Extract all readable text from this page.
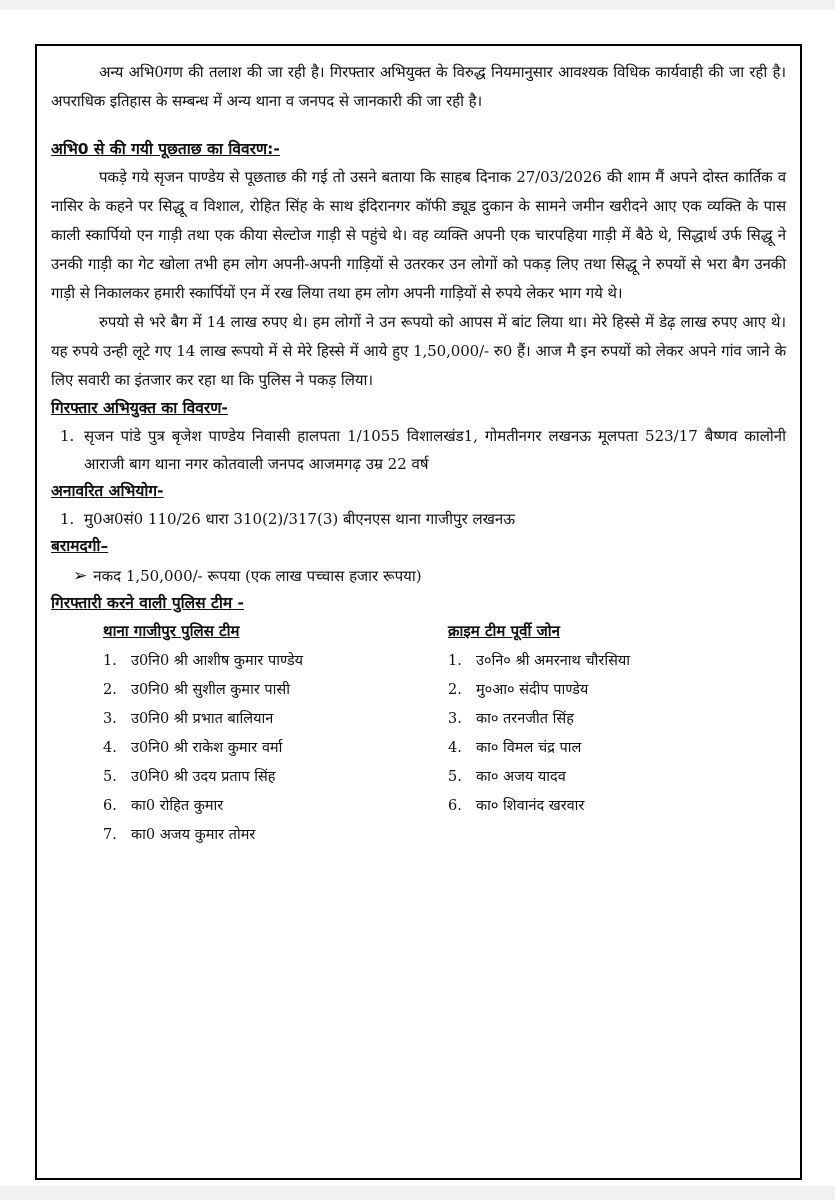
अन्य अभि0गण की तलाश की जा रही है। गिरफ्तार अभियुक्त के विरुद्ध नियमानुसार आवश्यक विधिक कार्यवाही की जा रही है। अपराधिक इतिहास के सम्बन्ध में अन्य थाना व जनपद से जानकारी की जा रही है।

अभि0 से की गयी पूछताछ का विवरण:-

पकड़े गये सृजन पाण्डेय से पूछताछ की गई तो उसने बताया कि साहब दिनाक 27/03/2026 की शाम मैं अपने दोस्त कार्तिक व नासिर के कहने पर सिद्धू व विशाल, रोहित सिंह के साथ इंदिरानगर कॉफी ड्यूड दुकान के सामने जमीन खरीदने आए एक व्यक्ति के पास काली स्कार्पियो एन गाड़ी तथा एक कीया सेल्टोज गाड़ी से पहुंचे थे। वह व्यक्ति अपनी एक चारपहिया गाड़ी में बैठे थे, सिद्धार्थ उर्फ सिद्धू ने उनकी गाड़ी का गेट खोला तभी हम लोग अपनी-अपनी गाड़ियों से उतरकर उन लोगों को पकड़ लिए तथा सिद्धू ने रुपयों से भरा बैग उनकी गाड़ी से निकालकर हमारी स्कार्पियों एन में रख लिया तथा हम लोग अपनी गाड़ियों से रुपये लेकर भाग गये थे।

रुपयो से भरे बैग में 14 लाख रुपए थे। हम लोगों ने उन रूपयो को आपस में बांट लिया था। मेरे हिस्से में डेढ़ लाख रुपए आए थे। यह रुपये उन्ही लूटे गए 14 लाख रूपयो में से मेरे हिस्से में आये हुए 1,50,000/- रु0 हैं। आज मै इन रुपयों को लेकर अपने गांव जाने के लिए सवारी का इंतजार कर रहा था कि पुलिस ने पकड़ लिया।

गिरफ्तार अभियुक्त का विवरण-

1. सृजन पांडे पुत्र बृजेश पाण्डेय निवासी हालपता 1/1055 विशालखंड1, गोमतीनगर लखनऊ मूलपता 523/17 बैष्णव कालोनी आराजी बाग थाना नगर कोतवाली जनपद आजमगढ़ उम्र 22 वर्ष

अनावरित अभियोग-

1. मु0अ0सं0 110/26 धारा 310(2)/317(3) बीएनएस थाना गाजीपुर लखनऊ

बरामदगी–

➢ नकद 1,50,000/- रूपया (एक लाख पच्चास हजार रूपया)

गिरफ्तारी करने वाली पुलिस टीम -

थाना गाजीपुर पुलिस टीम

1. उ0नि0 श्री आशीष कुमार पाण्डेय
2. उ0नि0 श्री सुशील कुमार पासी
3. उ0नि0 श्री प्रभात बालियान
4. उ0नि0 श्री राकेश कुमार वर्मा
5. उ0नि0 श्री उदय प्रताप सिंह
6. का0 रोहित कुमार
7. का0 अजय कुमार तोमर

क्राइम टीम पूर्वी जोन

1. उ०नि० श्री अमरनाथ चौरसिया
2. मु०आ० संदीप पाण्डेय
3. का० तरनजीत सिंह
4. का० विमल चंद्र पाल
5. का० अजय यादव
6. का० शिवानंद खरवार
